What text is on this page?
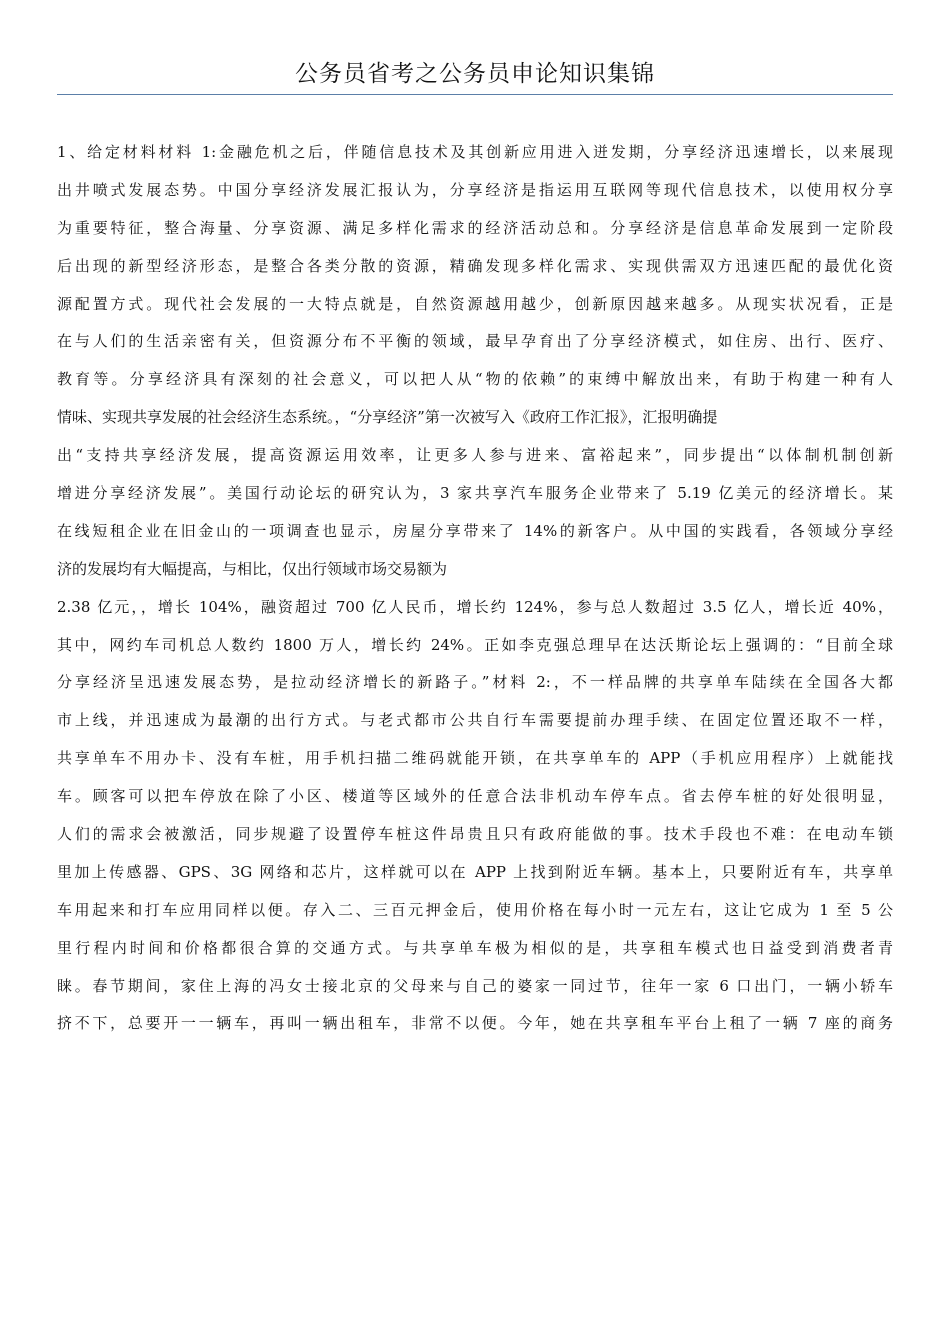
公务员省考之公务员申论知识集锦
1、给定材料材料 1:金融危机之后，伴随信息技术及其创新应用进入迸发期，分享经济迅速增长，以来展现
出井喷式发展态势。中国分享经济发展汇报认为，分享经济是指运用互联网等现代信息技术，以使用权分享
为重要特征，整合海量、分享资源、满足多样化需求的经济活动总和。分享经济是信息革命发展到一定阶段
后出现的新型经济形态，是整合各类分散的资源，精确发现多样化需求、实现供需双方迅速匹配的最优化资
源配置方式。现代社会发展的一大特点就是，自然资源越用越少，创新原因越来越多。从现实状况看，正是
在与人们的生活亲密有关，但资源分布不平衡的领域，最早孕育出了分享经济模式，如住房、出行、医疗、
教育等。分享经济具有深刻的社会意义，可以把人从“物的依赖”的束缚中解放出来，有助于构建一种有人
情味、实现共享发展的社会经济生态系统。，“分享经济”第一次被写入《政府工作汇报》，汇报明确提
出“支持共享经济发展，提高资源运用效率，让更多人参与进来、富裕起来”，同步提出“以体制机制创新
增进分享经济发展”。美国行动论坛的研究认为，3 家共享汽车服务企业带来了 5.19 亿美元的经济增长。某
在线短租企业在旧金山的一项调查也显示，房屋分享带来了 14%的新客户。从中国的实践看，各领域分享经
济的发展均有大幅提高，与相比，仅出行领域市场交易额为
2.38 亿元，，增长 104%，融资超过 700 亿人民币，增长约 124%，参与总人数超过 3.5 亿人，增长近 40%，
其中，网约车司机总人数约 1800 万人，增长约 24%。正如李克强总理早在达沃斯论坛上强调的：“目前全球
分享经济呈迅速发展态势，是拉动经济增长的新路子。”材料 2:，不一样品牌的共享单车陆续在全国各大都
市上线，并迅速成为最潮的出行方式。与老式都市公共自行车需要提前办理手续、在固定位置还取不一样，
共享单车不用办卡、没有车桩，用手机扫描二维码就能开锁，在共享单车的 APP（手机应用程序）上就能找
车。顾客可以把车停放在除了小区、楼道等区域外的任意合法非机动车停车点。省去停车桩的好处很明显，
人们的需求会被激活，同步规避了设置停车桩这件昂贵且只有政府能做的事。技术手段也不难：在电动车锁
里加上传感器、GPS、3G 网络和芯片，这样就可以在 APP 上找到附近车辆。基本上，只要附近有车，共享单
车用起来和打车应用同样以便。存入二、三百元押金后，使用价格在每小时一元左右，这让它成为 1 至 5 公
里行程内时间和价格都很合算的交通方式。与共享单车极为相似的是，共享租车模式也日益受到消费者青
睐。春节期间，家住上海的冯女士接北京的父母来与自己的婆家一同过节，往年一家 6 口出门，一辆小轿车
挤不下，总要开一一辆车，再叫一辆出租车，非常不以便。今年，她在共享租车平台上租了一辆 7 座的商务
